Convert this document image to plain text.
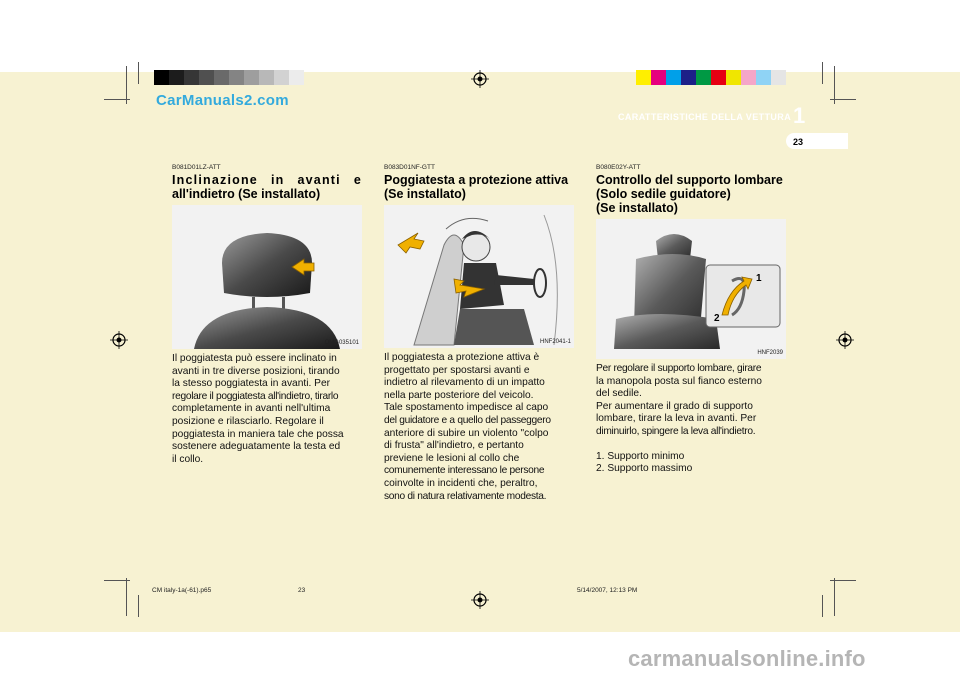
CarManuals2.com
CARATTERISTICHE DELLA VETTURA 1
23
B081D01LZ-ATT
Inclinazione in avanti e
all'indietro (Se installato)
OMG035101
Il poggiatesta può essere inclinato in
avanti in tre diverse posizioni, tirando
la stesso poggiatesta in avanti. Per
regolare il poggiatesta all'indietro, tirarlo
completamente in avanti nell'ultima
posizione e rilasciarlo. Regolare il
poggiatesta in maniera tale che possa
sostenere adeguatamente la testa ed
il collo.
B083D01NF-GTT
Poggiatesta a protezione attiva
(Se installato)
HNF2041-1
Il poggiatesta a protezione attiva è
progettato per spostarsi avanti e
indietro al rilevamento di un impatto
nella parte posteriore del veicolo.
Tale spostamento impedisce al capo
del guidatore e a quello del passeggero
anteriore di subire un violento "colpo
di frusta" all'indietro, e pertanto
previene le lesioni al collo che
comunemente interessano le persone
coinvolte in incidenti che, peraltro,
sono di natura relativamente modesta.
B080E02Y-ATT
Controllo del supporto lombare
(Solo sedile guidatore)
(Se installato)
1
2
HNF2039
Per regolare il supporto lombare, girare
la manopola posta sul fianco esterno
del sedile.
Per aumentare il grado di supporto
lombare, tirare la leva in avanti. Per
diminuirlo, spingere la leva all'indietro.
1. Supporto minimo
2. Supporto massimo
CM italy-1a(-61).p65	23	5/14/2007, 12:13 PM
carmanualsonline.info
